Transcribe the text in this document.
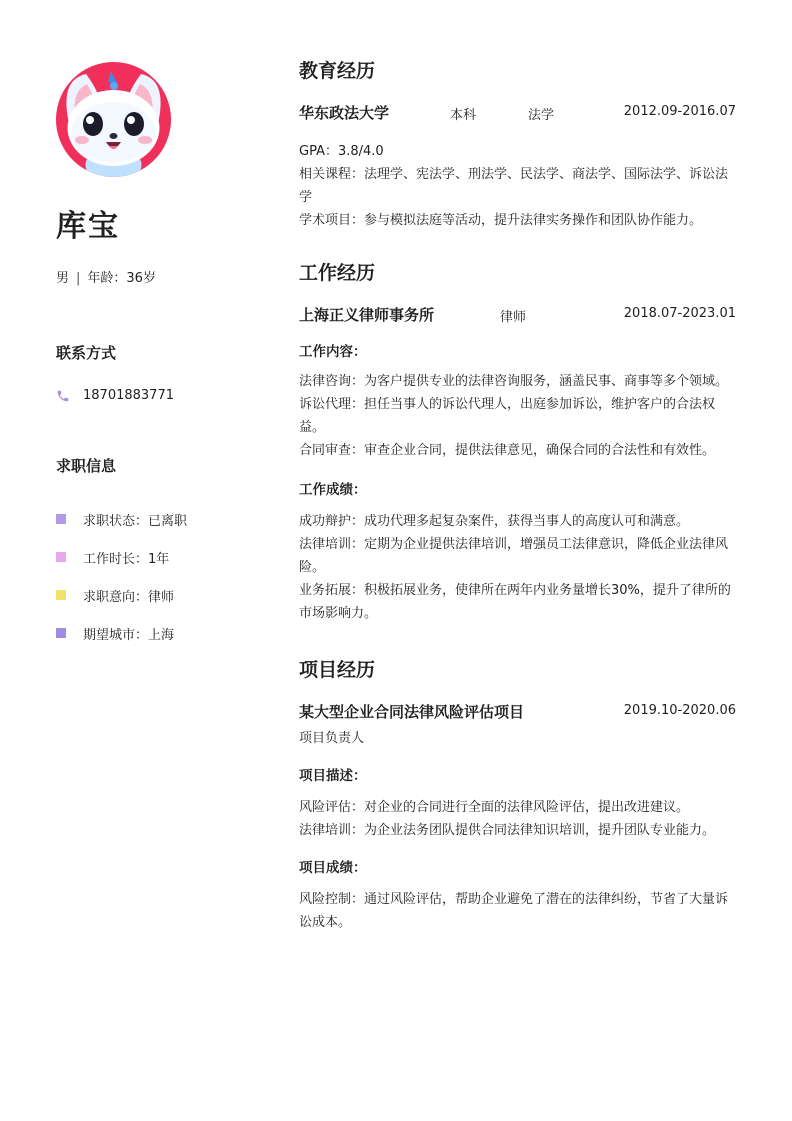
库宝
男 | 年龄：36岁
联系方式
18701883771
求职信息
求职状态：已离职
工作时长：1年
求职意向：律师
期望城市：上海
教育经历
华东政法大学	本科	法学	2012.09-2016.07
GPA：3.8/4.0
相关课程：法理学、宪法学、刑法学、民法学、商法学、国际法学、诉讼法学
学术项目：参与模拟法庭等活动，提升法律实务操作和团队协作能力。
工作经历
上海正义律师事务所	律师	2018.07-2023.01
工作内容：
法律咨询：为客户提供专业的法律咨询服务，涵盖民事、商事等多个领域。
诉讼代理：担任当事人的诉讼代理人，出庭参加诉讼，维护客户的合法权益。
合同审查：审查企业合同，提供法律意见，确保合同的合法性和有效性。
工作成绩：
成功辩护：成功代理多起复杂案件，获得当事人的高度认可和满意。
法律培训：定期为企业提供法律培训，增强员工法律意识，降低企业法律风险。
业务拓展：积极拓展业务，使律所在两年内业务量增长30%，提升了律所的市场影响力。
项目经历
某大型企业合同法律风险评估项目	2019.10-2020.06
项目负责人
项目描述：
风险评估：对企业的合同进行全面的法律风险评估，提出改进建议。
法律培训：为企业法务团队提供合同法律知识培训，提升团队专业能力。
项目成绩：
风险控制：通过风险评估，帮助企业避免了潜在的法律纠纷，节省了大量诉讼成本。
